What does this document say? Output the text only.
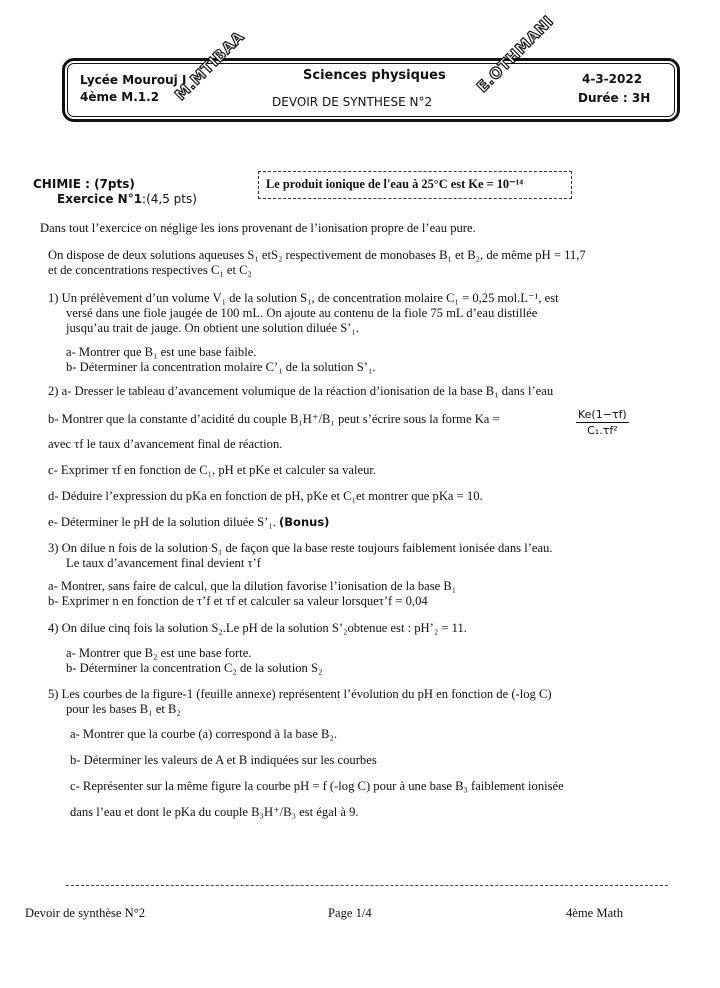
Lycée Mourouj I
4ème M.1.2
Sciences physiques
DEVOIR DE SYNTHESE N°2
4-3-2022
Durée : 3H
M.MTIBAA	E.OTHMANI
CHIMIE : (7pts)	Le produit ionique de l'eau à 25°C est Ke = 10⁻¹⁴
Exercice N°1:(4,5 pts)
Dans tout l’exercice on néglige les ions provenant de l’ionisation propre de l’eau pure.
On dispose de deux solutions aqueuses S₁ etS₂ respectivement de monobases B₁ et B₂, de même pH = 11,7
et de concentrations respectives C₁ et C₂
1) Un prélèvement d’un volume V₁ de la solution S₁, de concentration molaire C₁ = 0,25 mol.L⁻¹, est
versé dans une fiole jaugée de 100 mL. On ajoute au contenu de la fiole 75 mL d’eau distillée
jusqu’au trait de jauge. On obtient une solution diluée S’₁.
a- Montrer que B₁ est une base faible.
b- Déterminer la concentration molaire C’₁ de la solution S’₁.
2) a- Dresser le tableau d’avancement volumique de la réaction d’ionisation de la base B₁ dans l’eau
b- Montrer que la constante d’acidité du couple B₁H⁺/B₁ peut s’écrire sous la forme Ka =	$\frac{Ke(1-\tau f)}{\text{C₁.τf²}}$
avec τf le taux d’avancement final de réaction.
c- Exprimer τf en fonction de C₁, pH et pKe et calculer sa valeur.
d- Déduire l’expression du pKa en fonction de pH, pKe et C₁et montrer que pKa = 10.
e- Déterminer le pH de la solution diluée S’₁. (Bonus)
3) On dilue n fois de la solution S₁ de façon que la base reste toujours faiblement ionisée dans l’eau.
Le taux d’avancement final devient τ’f
a- Montrer, sans faire de calcul, que la dilution favorise l’ionisation de la base B₁
b- Exprimer n en fonction de τ’f et τf et calculer sa valeur lorsqueτ’f = 0,04
4) On dilue cinq fois la solution S₂.Le pH de la solution S’₂obtenue est : pH’₂ = 11.
a- Montrer que B₂ est une base forte.
b- Déterminer la concentration C₂ de la solution S₂
5) Les courbes de la figure-1 (feuille annexe) représentent l’évolution du pH en fonction de (-log C)
pour les bases B₁ et B₂
a- Montrer que la courbe (a) correspond à la base B₂.
b- Déterminer les valeurs de A et B indiquées sur les courbes
c- Représenter sur la même figure la courbe pH = f (-log C) pour à une base B₃ faiblement ionisée
dans l’eau et dont le pKa du couple B₃H⁺/B₃ est égal à 9.
Devoir de synthèse N°2	Page 1/4	4ème Math
